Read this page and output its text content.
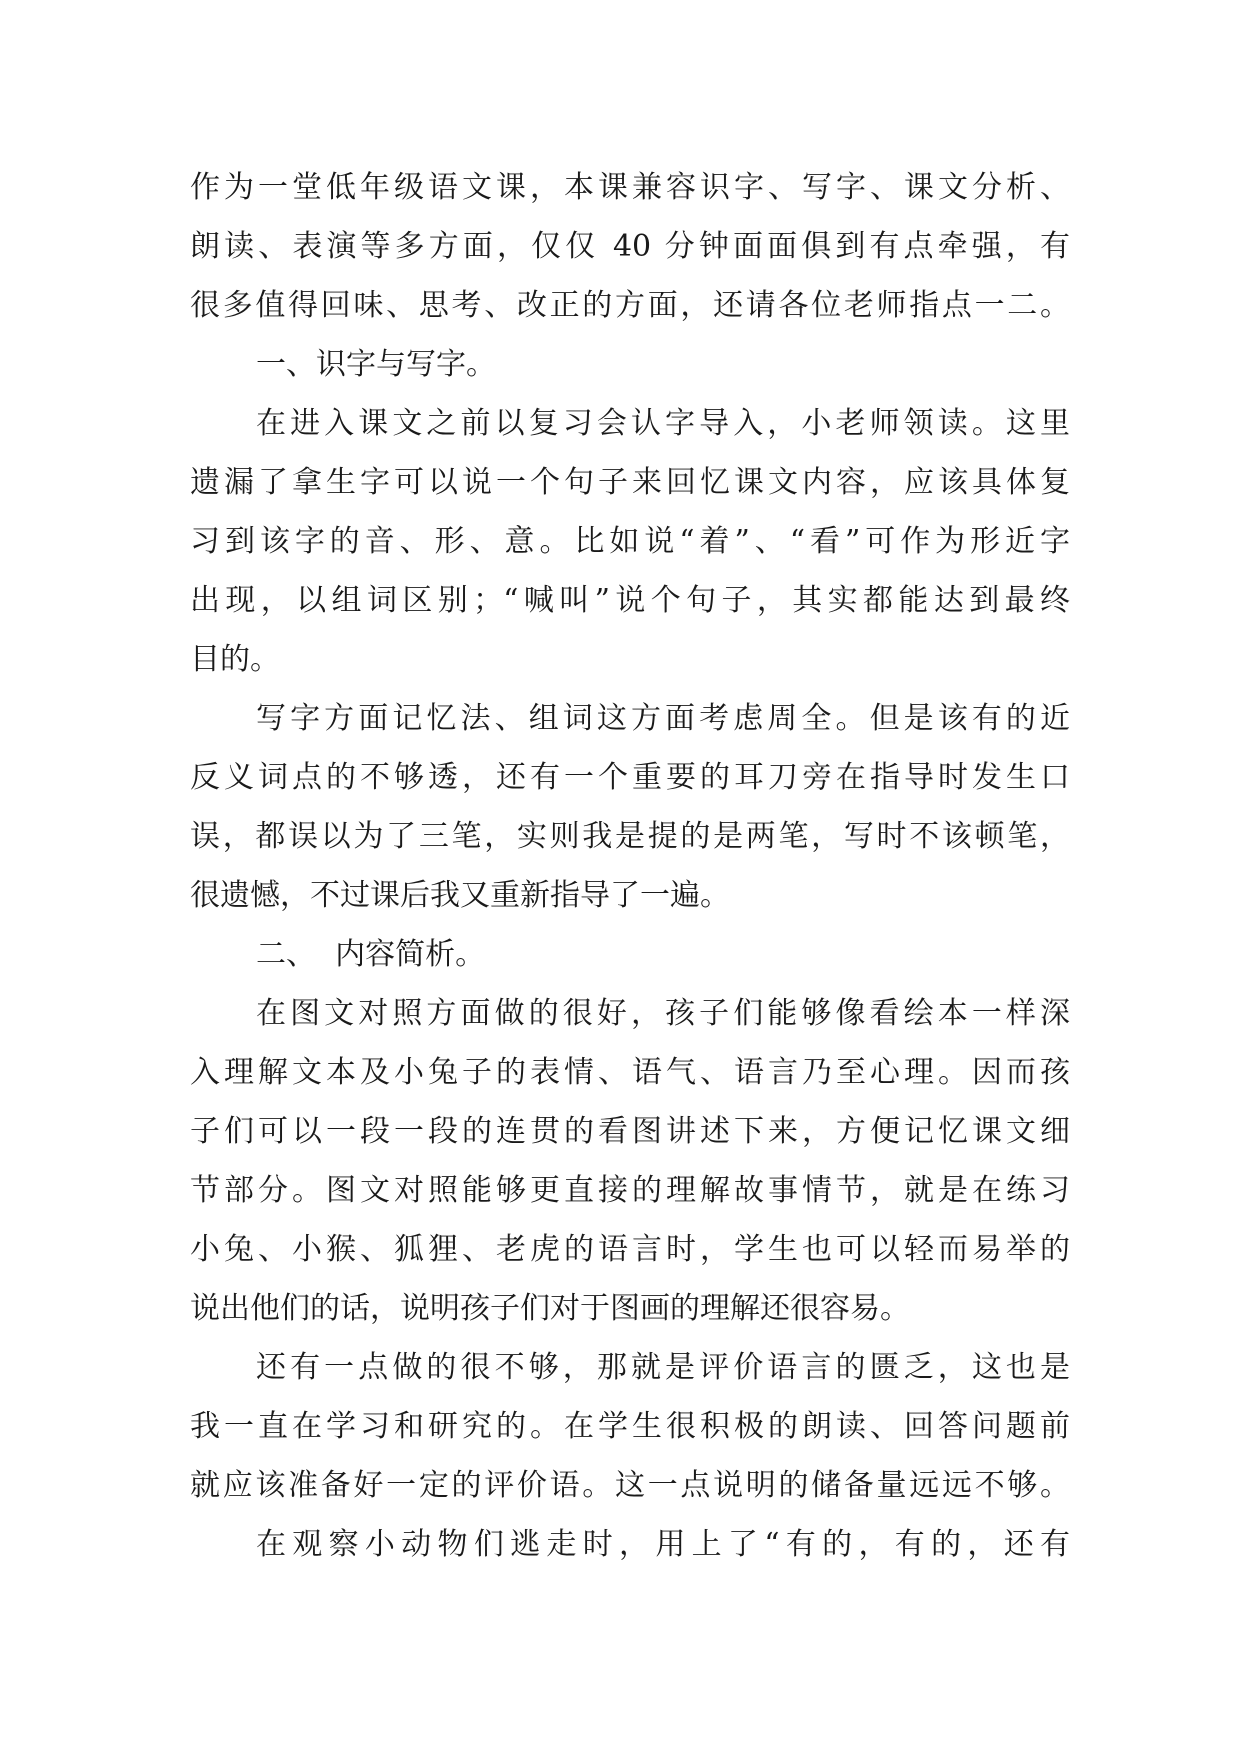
作为一堂低年级语文课，本课兼容识字、写字、课文分析、
朗读、表演等多方面，仅仅 40 分钟面面俱到有点牵强，有
很多值得回味、思考、改正的方面，还请各位老师指点一二。
一、识字与写字。
在进入课文之前以复习会认字导入，小老师领读。这里
遗漏了拿生字可以说一个句子来回忆课文内容，应该具体复
习到该字的音、形、意。比如说“着”、“看”可作为形近字
出现，以组词区别；“喊叫”说个句子，其实都能达到最终
目的。
写字方面记忆法、组词这方面考虑周全。但是该有的近
反义词点的不够透，还有一个重要的耳刀旁在指导时发生口
误，都误以为了三笔，实则我是提的是两笔，写时不该顿笔，
很遗憾，不过课后我又重新指导了一遍。
二、  内容简析。
在图文对照方面做的很好，孩子们能够像看绘本一样深
入理解文本及小兔子的表情、语气、语言乃至心理。因而孩
子们可以一段一段的连贯的看图讲述下来，方便记忆课文细
节部分。图文对照能够更直接的理解故事情节，就是在练习
小兔、小猴、狐狸、老虎的语言时，学生也可以轻而易举的
说出他们的话，说明孩子们对于图画的理解还很容易。
还有一点做的很不够，那就是评价语言的匮乏，这也是
我一直在学习和研究的。在学生很积极的朗读、回答问题前
就应该准备好一定的评价语。这一点说明的储备量远远不够。
在观察小动物们逃走时，用上了“有的，有的，还有
